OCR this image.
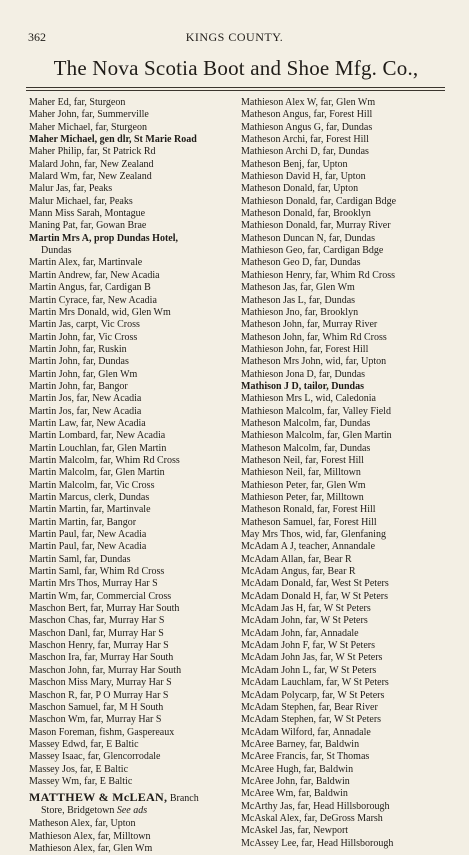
362	KINGS COUNTY.
The Nova Scotia Boot and Shoe Mfg. Co.,
Maher Ed, far, Sturgeon
Maher John, far, Summerville
Maher Michael, far, Sturgeon
Maher Michael, gen dlr, St Marie Road
Maher Philip, far, St Patrick Rd
Malard John, far, New Zealand
Malard Wm, far, New Zealand
Malur Jas, far, Peaks
Malur Michael, far, Peaks
Mann Miss Sarah, Montague
Maning Pat, far, Gowan Brae
Martin Mrs A, prop Dundas Hotel,
Dundas
Martin Alex, far, Martinvale
Martin Andrew, far, New Acadia
Martin Angus, far, Cardigan B
Martin Cyrace, far, New Acadia
Martin Mrs Donald, wid, Glen Wm
Martin Jas, carpt, Vic Cross
Martin John, far, Vic Cross
Martin John, far, Ruskin
Martin John, far, Dundas
Martin John, far, Glen Wm
Martin John, far, Bangor
Martin Jos, far, New Acadia
Martin Jos, far, New Acadia
Martin Law, far, New Acadia
Martin Lombard, far, New Acadia
Martin Louchlan, far, Glen Martin
Martin Malcolm, far, Whim Rd Cross
Martin Malcolm, far, Glen Martin
Martin Malcolm, far, Vic Cross
Martin Marcus, clerk, Dundas
Martin Martin, far, Martinvale
Martin Martin, far, Bangor
Martin Paul, far, New Acadia
Martin Paul, far, New Acadia
Martin Saml, far, Dundas
Martin Saml, far, Whim Rd Cross
Martin Mrs Thos, Murray Har S
Martin Wm, far, Commercial Cross
Maschon Bert, far, Murray Har South
Maschon Chas, far, Murray Har S
Maschon Danl, far, Murray Har S
Maschon Henry, far, Murray Har S
Maschon Ira, far, Murray Har South
Maschon John, far, Murray Har South
Maschon Miss Mary, Murray Har S
Maschon R, far, P O Murray Har S
Maschon Samuel, far, M H South
Maschon Wm, far, Murray Har S
Mason Foreman, fishm, Gaspereaux
Massey Edwd, far, E Baltic
Massey Isaac, far, Glencorrodale
Massey Jos, far, E Baltic
Massey Wm, far, E Baltic
MATTHEW & McLEAN, Branch
Store, Bridgetown See ads
Matheson Alex, far, Upton
Mathieson Alex, far, Milltown
Mathieson Alex, far, Glen Wm
Mathieson Alex W, far, Glen Wm
Matheson Angus, far, Forest Hill
Mathieson Angus G, far, Dundas
Matheson Archi, far, Forest Hill
Mathieson Archi D, far, Dundas
Matheson Benj, far, Upton
Mathieson David H, far, Upton
Matheson Donald, far, Upton
Mathieson Donald, far, Cardigan Bdge
Matheson Donald, far, Brooklyn
Mathieson Donald, far, Murray River
Matheson Duncan N, far, Dundas
Mathieson Geo, far, Cardigan Bdge
Matheson Geo D, far, Dundas
Mathieson Henry, far, Whim Rd Cross
Matheson Jas, far, Glen Wm
Matheson Jas L, far, Dundas
Mathieson Jno, far, Brooklyn
Matheson John, far, Murray River
Matheson John, far, Whim Rd Cross
Mathieson John, far, Forest Hill
Matheson Mrs John, wid, far, Upton
Mathieson Jona D, far, Dundas
Mathison J D, tailor, Dundas
Mathieson Mrs L, wid, Caledonia
Mathieson Malcolm, far, Valley Field
Matheson Malcolm, far, Dundas
Mathieson Malcolm, far, Glen Martin
Matheson Malcolm, far, Dundas
Matheson Neil, far, Forest Hill
Mathieson Neil, far, Milltown
Mathieson Peter, far, Glen Wm
Mathieson Peter, far, Milltown
Matheson Ronald, far, Forest Hill
Matheson Samuel, far, Forest Hill
May Mrs Thos, wid, far, Glenfaning
McAdam A J, teacher, Annandale
McAdam Allan, far, Bear R
McAdam Angus, far, Bear R
McAdam Donald, far, West St Peters
McAdam Donald H, far, W St Peters
McAdam Jas H, far, W St Peters
McAdam John, far, W St Peters
McAdam John, far, Annadale
McAdam John F, far, W St Peters
McAdam John Jas, far, W St Peters
McAdam John L, far, W St Peters
McAdam Lauchlam, far, W St Peters
McAdam Polycarp, far, W St Peters
McAdam Stephen, far, Bear River
McAdam Stephen, far, W St Peters
McAdam Wilford, far, Annadale
McAree Barney, far, Baldwin
McAree Francis, far, St Thomas
McAree Hugh, far, Baldwin
McAree John, far, Baldwin
McAree Wm, far, Baldwin
McArthy Jas, far, Head Hillsborough
McAskal Alex, far, DeGross Marsh
McAskel Jas, far, Newport
McAssey Lee, far, Head Hillsborough
